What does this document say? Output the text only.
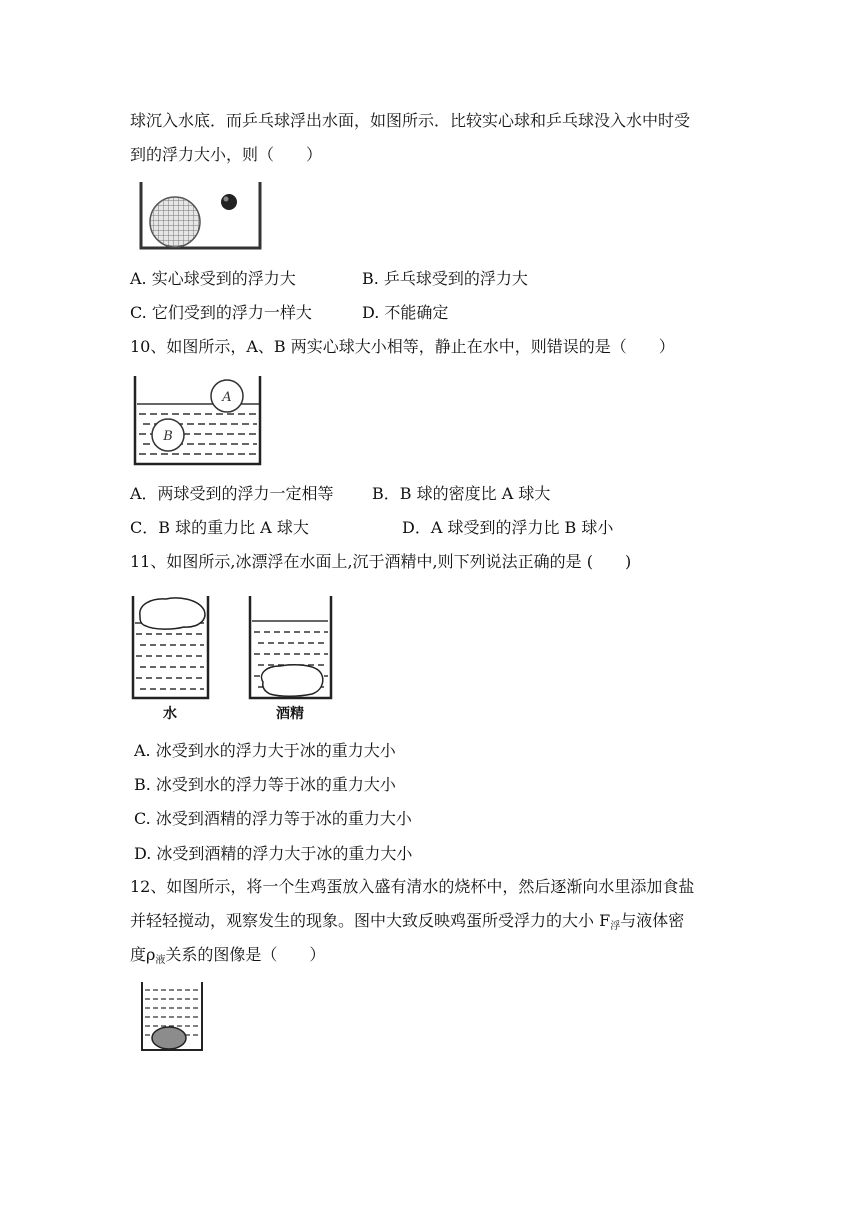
球沉入水底．而乒乓球浮出水面，如图所示．比较实心球和乒乓球没入水中时受
到的浮力大小，则（　　）
A. 实心球受到的浮力大	B. 乒乓球受到的浮力大
C. 它们受到的浮力一样大	D. 不能确定
10、如图所示，A、B 两实心球大小相等，静止在水中，则错误的是（　　）
A
B
A．两球受到的浮力一定相等 B．B 球的密度比 A 球大
C．B 球的重力比 A 球大	D．A 球受到的浮力比 B 球小
11、如图所示,冰漂浮在水面上,沉于酒精中,则下列说法正确的是 (　　)
水	酒精
A. 冰受到水的浮力大于冰的重力大小
B. 冰受到水的浮力等于冰的重力大小
C. 冰受到酒精的浮力等于冰的重力大小
D. 冰受到酒精的浮力大于冰的重力大小
12、如图所示，将一个生鸡蛋放入盛有清水的烧杯中，然后逐渐向水里添加食盐
并轻轻搅动，观察发生的现象。图中大致反映鸡蛋所受浮力的大小 $F_浮$与液体密
度$\rho_液$关系的图像是（　　）
